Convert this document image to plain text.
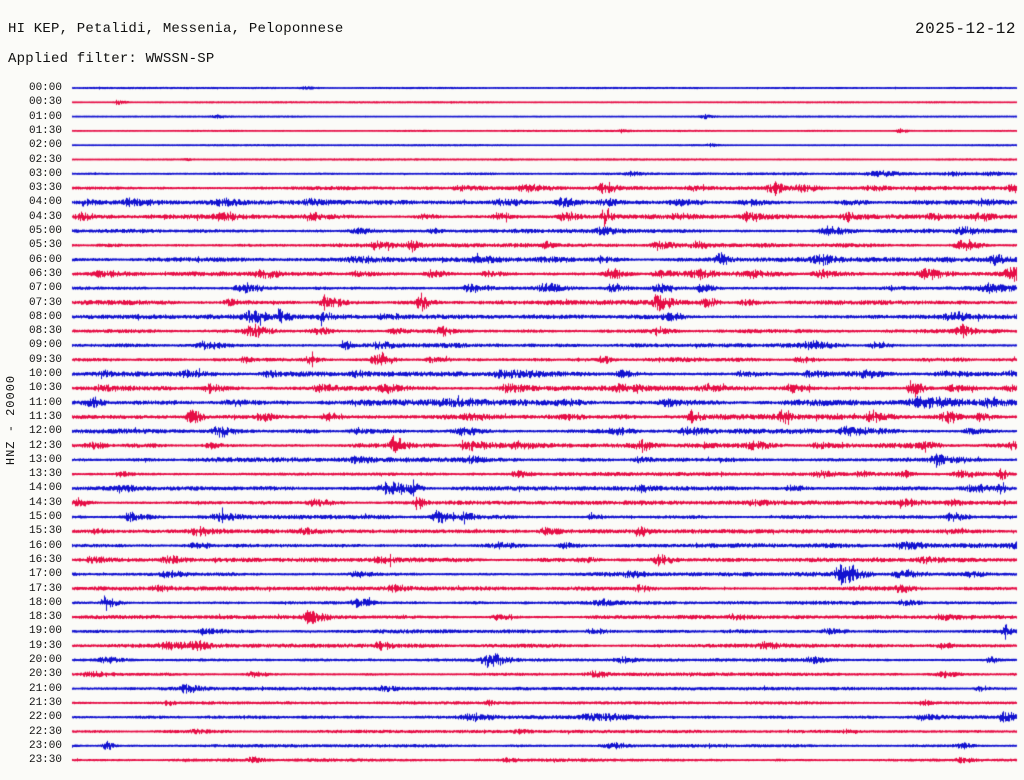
HI KEP, Petalidi, Messenia, Peloponnese	2025-12-12
Applied filter: WWSSN-SP
HNZ - 20000
00:00
00:30
01:00
01:30
02:00
02:30
03:00
03:30
04:00
04:30
05:00
05:30
06:00
06:30
07:00
07:30
08:00
08:30
09:00
09:30
10:00
10:30
11:00
11:30
12:00
12:30
13:00
13:30
14:00
14:30
15:00
15:30
16:00
16:30
17:00
17:30
18:00
18:30
19:00
19:30
20:00
20:30
21:00
21:30
22:00
22:30
23:00
23:30
